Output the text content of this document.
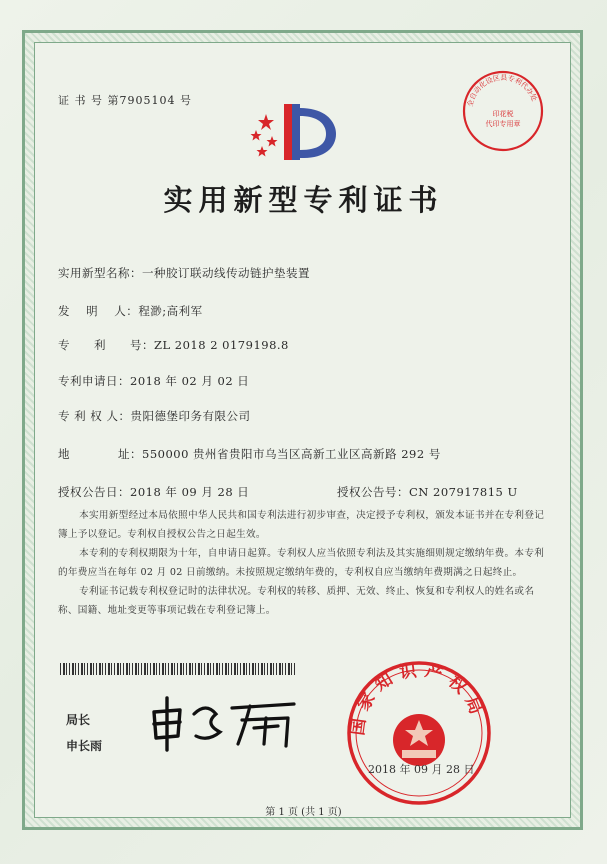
证 书 号 第7905104 号	全自动化设区县专利代办处
印花税
代印专用章
实用新型专利证书
实用新型名称：一种胶订联动线传动链护垫装置
发　 明　 人：程渺;高利军
专　　利　　号：ZL 2018 2 0179198.8
专利申请日：2018 年 02 月 02 日
专 利 权 人：贵阳德堡印务有限公司
地　　　　址：550000 贵州省贵阳市乌当区高新工业区高新路 292 号
授权公告日：2018 年 09 月 28 日	授权公告号：CN 207917815 U

本实用新型经过本局依照中华人民共和国专利法进行初步审查，决定授予专利权，颁发本证书并在专利登记簿上予以登记。专利权自授权公告之日起生效。

本专利的专利权期限为十年，自申请日起算。专利权人应当依照专利法及其实施细则规定缴纳年费。本专利的年费应当在每年 02 月 02 日前缴纳。未按照规定缴纳年费的，专利权自应当缴纳年费期满之日起终止。

专利证书记载专利权登记时的法律状况。专利权的转移、质押、无效、终止、恢复和专利权人的姓名或名称、国籍、地址变更等事项记载在专利登记簿上。

局长
申长雨
国家知识产权局
2018 年 09 月 28 日
第 1 页 (共 1 页)
